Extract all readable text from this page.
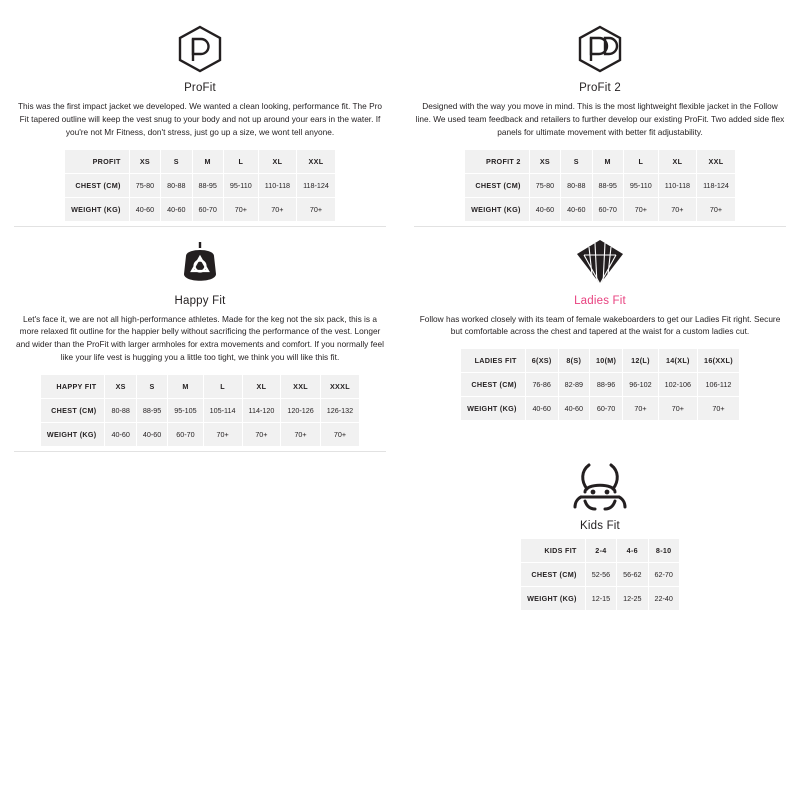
ProFit
This was the first impact jacket we developed. We wanted a clean looking, performance fit. The Pro Fit tapered outline will keep the vest snug to your body and not up around your ears in the water. If you're not Mr Fitness, don't stress, just go up a size, we wont tell anyone.
PROFIT	XS	S	M	L	XL	XXL
CHEST (CM)	75-80	80-88	88-95	95-110	110-118	118-124
WEIGHT (KG)	40-60	40-60	60-70	70+	70+	70+
ProFit 2
Designed with the way you move in mind. This is the most lightweight flexible jacket in the Follow line. We used team feedback and retailers to further develop our existing ProFit. Two added side flex panels for ultimate movement with better fit adjustability.
PROFIT 2	XS	S	M	L	XL	XXL
CHEST (CM)	75-80	80-88	88-95	95-110	110-118	118-124
WEIGHT (KG)	40-60	40-60	60-70	70+	70+	70+
Happy Fit
Let's face it, we are not all high-performance athletes. Made for the keg not the six pack, this is a more relaxed fit outline for the happier belly without sacrificing the performance of the vest. Longer and wider than the ProFit with larger armholes for extra movements and comfort. If you normally feel like your life vest is hugging you a little too tight, we think you will like this fit.
HAPPY FIT	XS	S	M	L	XL	XXL	XXXL
CHEST (CM)	80-88	88-95	95-105	105-114	114-120	120-126	126-132
WEIGHT (KG)	40-60	40-60	60-70	70+	70+	70+	70+
Ladies Fit
Follow has worked closely with its team of female wakeboarders to get our Ladies Fit right. Secure but comfortable across the chest and tapered at the waist for a custom ladies cut.
LADIES FIT	6(XS)	8(S)	10(M)	12(L)	14(XL)	16(XXL)
CHEST (CM)	76-86	82-89	88-96	96-102	102-106	106-112
WEIGHT (KG)	40-60	40-60	60-70	70+	70+	70+
Kids Fit
KIDS FIT	2-4	4-6	8-10
CHEST (CM)	52-56	56-62	62-70
WEIGHT (KG)	12-15	12-25	22-40
